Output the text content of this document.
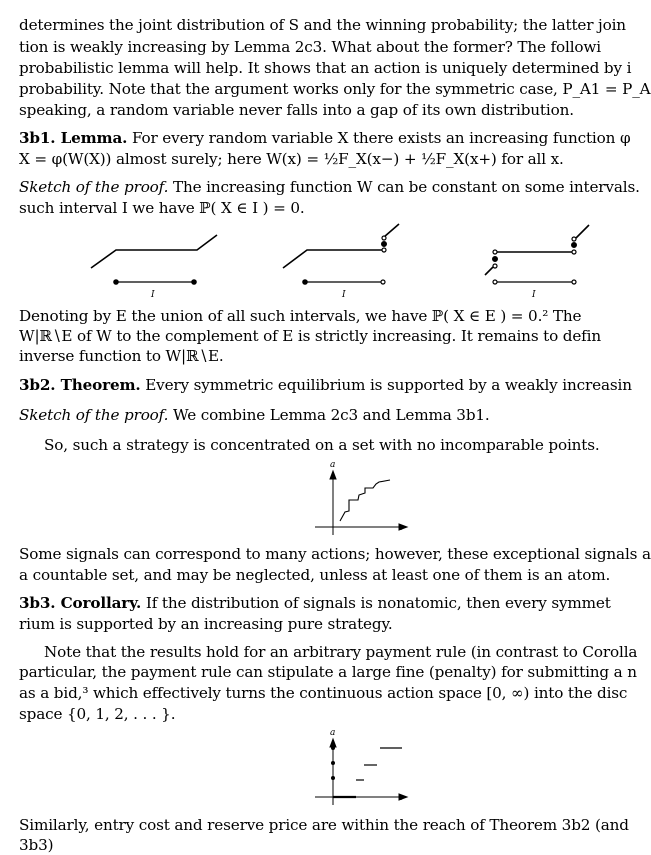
determines the joint distribution of S and the winning probability; the latter join
tion is weakly increasing by Lemma 2c3. What about the former? The followi
probabilistic lemma will help. It shows that an action is uniquely determined by i
probability. Note that the argument works only for the symmetric case, P_A1 = P_A
speaking, a random variable never falls into a gap of its own distribution.
3b1. Lemma. For every random variable X there exists an increasing function φ
X = φ(W(X)) almost surely; here W(x) = ½F_X(x−) + ½F_X(x+) for all x.
Sketch of the proof. The increasing function W can be constant on some intervals.
such interval I we have ℙ( X ∈ I ) = 0.
I	I	I
Denoting by E the union of all such intervals, we have ℙ( X ∈ E ) = 0.² The
W|ℝ∖E of W to the complement of E is strictly increasing. It remains to defin
inverse function to W|ℝ∖E.
3b2. Theorem. Every symmetric equilibrium is supported by a weakly increasin
Sketch of the proof. We combine Lemma 2c3 and Lemma 3b1.
So, such a strategy is concentrated on a set with no incomparable points.
a
s
Some signals can correspond to many actions; however, these exceptional signals a
a countable set, and may be neglected, unless at least one of them is an atom.
3b3. Corollary. If the distribution of signals is nonatomic, then every symmet
rium is supported by an increasing pure strategy.
Note that the results hold for an arbitrary payment rule (in contrast to Corolla
particular, the payment rule can stipulate a large fine (penalty) for submitting a n
as a bid,³ which effectively turns the continuous action space [0, ∞) into the disc
space {0, 1, 2, . . . }.
a
s
Similarly, entry cost and reserve price are within the reach of Theorem 3b2 (and
3b3)
